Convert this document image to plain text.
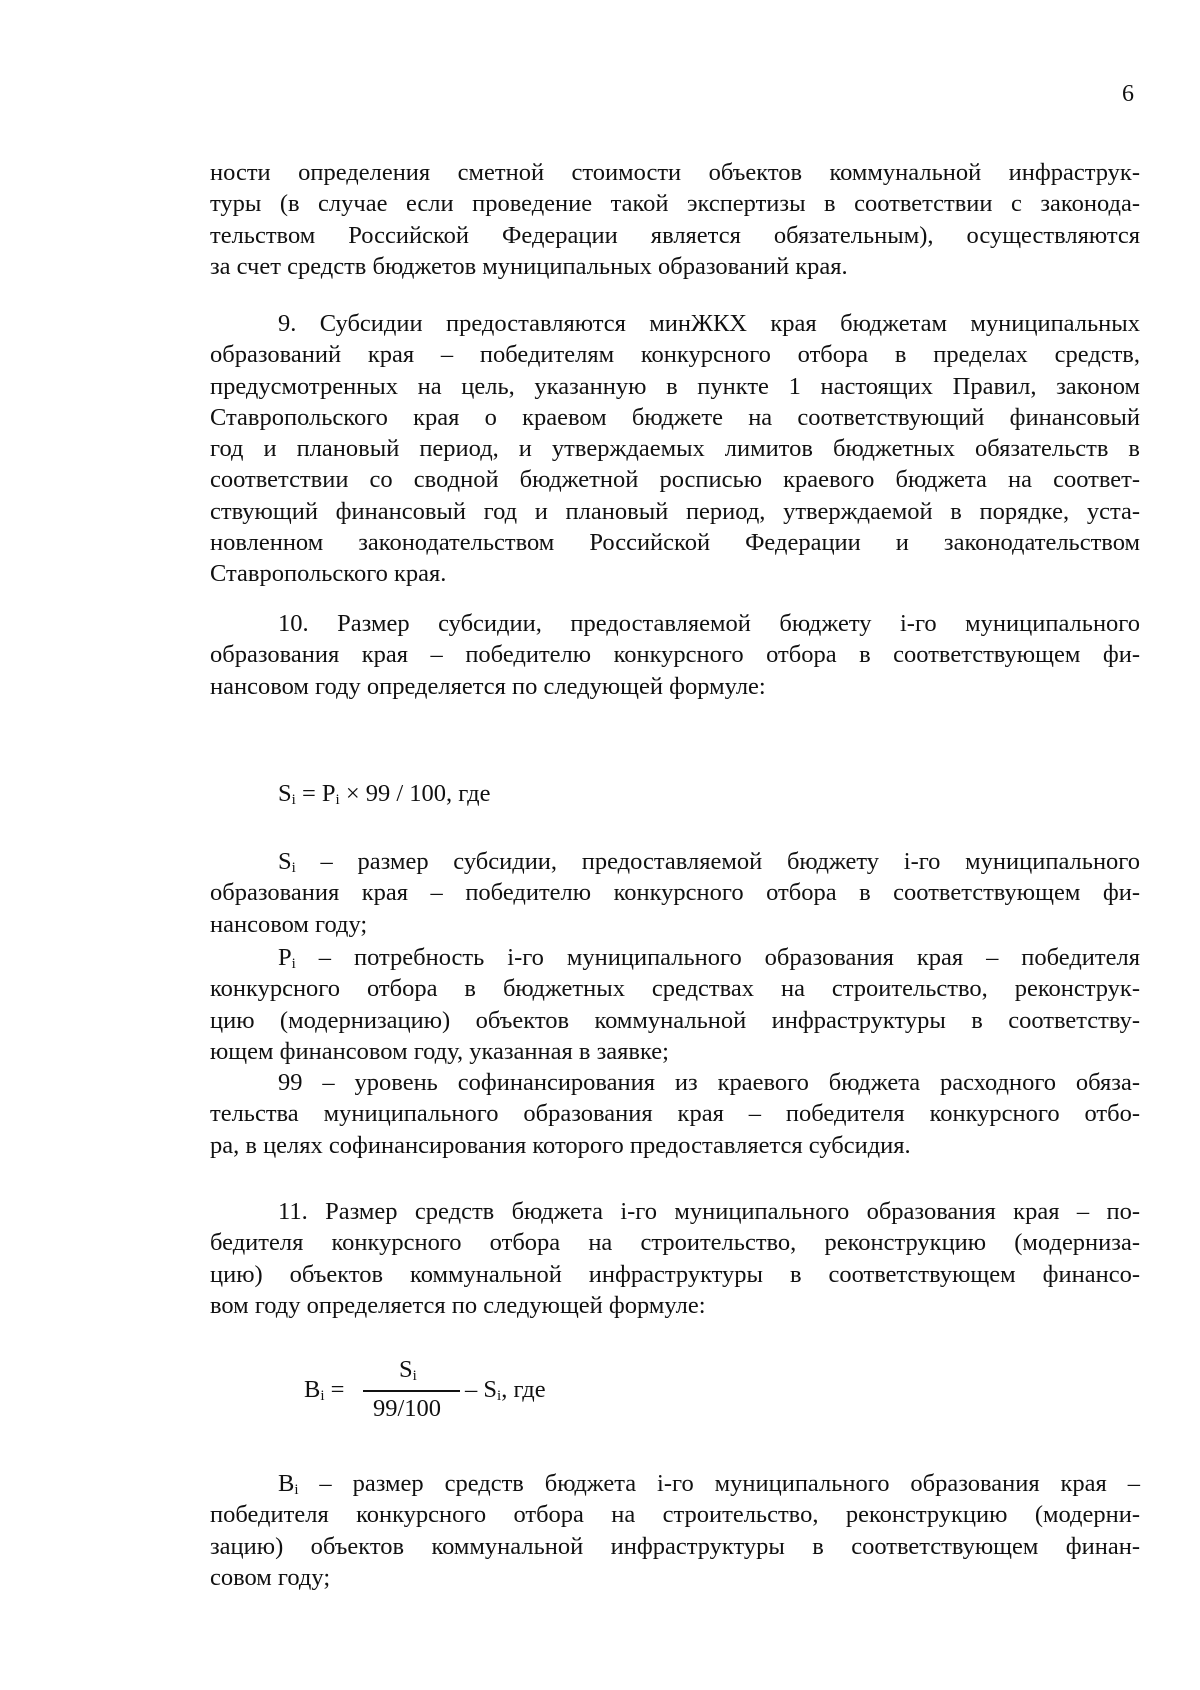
6
ности определения сметной стоимости объектов коммунальной инфраструк-
туры (в случае если проведение такой экспертизы в соответствии с законода-
тельством Российской Федерации является обязательным), осуществляются
за счет средств бюджетов муниципальных образований края.
9. Субсидии предоставляются минЖКХ края бюджетам муниципальных
образований края – победителям конкурсного отбора в пределах средств,
предусмотренных на цель, указанную в пункте 1 настоящих Правил, законом
Ставропольского края о краевом бюджете на соответствующий финансовый
год и плановый период, и утверждаемых лимитов бюджетных обязательств в
соответствии со сводной бюджетной росписью краевого бюджета на соответ-
ствующий финансовый год и плановый период, утверждаемой в порядке, уста-
новленном законодательством Российской Федерации и законодательством
Ставропольского края.
10. Размер субсидии, предоставляемой бюджету i-го муниципального
образования края – победителю конкурсного отбора в соответствующем фи-
нансовом году определяется по следующей формуле:
$S_i = P_i \times 99 / 100$, где
$S_i$ – размер субсидии, предоставляемой бюджету i-го муниципального
образования края – победителю конкурсного отбора в соответствующем фи-
нансовом году;
$P_i$ – потребность i-го муниципального образования края – победителя
конкурсного отбора в бюджетных средствах на строительство, реконструк-
цию (модернизацию) объектов коммунальной инфраструктуры в соответству-
ющем финансовом году, указанная в заявке;
99 – уровень софинансирования из краевого бюджета расходного обяза-
тельства муниципального образования края – победителя конкурсного отбо-
ра, в целях софинансирования которого предоставляется субсидия.
11. Размер средств бюджета i-го муниципального образования края – по-
бедителя конкурсного отбора на строительство, реконструкцию (модерниза-
цию) объектов коммунальной инфраструктуры в соответствующем финансо-
вом году определяется по следующей формуле:
$B_i$ =
$S_i$
99/100
– $S_i$, где
$B_i$ – размер средств бюджета i-го муниципального образования края –
победителя конкурсного отбора на строительство, реконструкцию (модерни-
зацию) объектов коммунальной инфраструктуры в соответствующем финан-
совом году;
